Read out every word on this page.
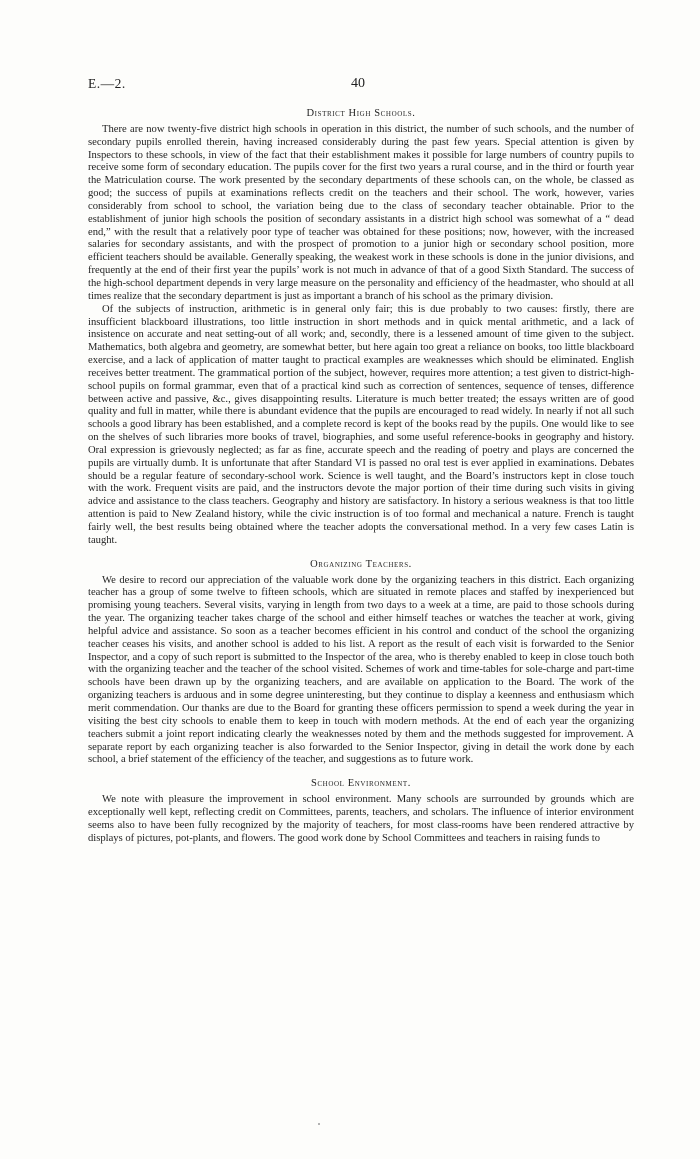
E.—2.	40
District High Schools.

There are now twenty-five district high schools in operation in this district, the number of such schools, and the number of secondary pupils enrolled therein, having increased considerably during the past few years. Special attention is given by Inspectors to these schools, in view of the fact that their establishment makes it possible for large numbers of country pupils to receive some form of secondary education. The pupils cover for the first two years a rural course, and in the third or fourth year the Matriculation course. The work presented by the secondary departments of these schools can, on the whole, be classed as good; the success of pupils at examinations reflects credit on the teachers and their school. The work, however, varies considerably from school to school, the variation being due to the class of secondary teacher obtainable. Prior to the establishment of junior high schools the position of secondary assistants in a district high school was somewhat of a “ dead end,” with the result that a relatively poor type of teacher was obtained for these positions; now, however, with the increased salaries for secondary assistants, and with the prospect of promotion to a junior high or secondary school position, more efficient teachers should be available. Generally speaking, the weakest work in these schools is done in the junior divisions, and frequently at the end of their first year the pupils’ work is not much in advance of that of a good Sixth Standard. The success of the high-school department depends in very large measure on the personality and efficiency of the headmaster, who should at all times realize that the secondary department is just as important a branch of his school as the primary division.

Of the subjects of instruction, arithmetic is in general only fair; this is due probably to two causes: firstly, there are insufficient blackboard illustrations, too little instruction in short methods and in quick mental arithmetic, and a lack of insistence on accurate and neat setting-out of all work; and, secondly, there is a lessened amount of time given to the subject. Mathematics, both algebra and geometry, are somewhat better, but here again too great a reliance on books, too little blackboard exercise, and a lack of application of matter taught to practical examples are weaknesses which should be eliminated. English receives better treatment. The grammatical portion of the subject, however, requires more attention; a test given to district-high-school pupils on formal grammar, even that of a practical kind such as correction of sentences, sequence of tenses, difference between active and passive, &c., gives disappointing results. Literature is much better treated; the essays written are of good quality and full in matter, while there is abundant evidence that the pupils are encouraged to read widely. In nearly if not all such schools a good library has been established, and a complete record is kept of the books read by the pupils. One would like to see on the shelves of such libraries more books of travel, biographies, and some useful reference-books in geography and history. Oral expression is grievously neglected; as far as fine, accurate speech and the reading of poetry and plays are concerned the pupils are virtually dumb. It is unfortunate that after Standard VI is passed no oral test is ever applied in examinations. Debates should be a regular feature of secondary-school work. Science is well taught, and the Board’s instructors kept in close touch with the work. Frequent visits are paid, and the instructors devote the major portion of their time during such visits in giving advice and assistance to the class teachers. Geography and history are satisfactory. In history a serious weakness is that too little attention is paid to New Zealand history, while the civic instruction is of too formal and mechanical a nature. French is taught fairly well, the best results being obtained where the teacher adopts the conversational method. In a very few cases Latin is taught.

Organizing Teachers.

We desire to record our appreciation of the valuable work done by the organizing teachers in this district. Each organizing teacher has a group of some twelve to fifteen schools, which are situated in remote places and staffed by inexperienced but promising young teachers. Several visits, varying in length from two days to a week at a time, are paid to those schools during the year. The organizing teacher takes charge of the school and either himself teaches or watches the teacher at work, giving helpful advice and assistance. So soon as a teacher becomes efficient in his control and conduct of the school the organizing teacher ceases his visits, and another school is added to his list. A report as the result of each visit is forwarded to the Senior Inspector, and a copy of such report is submitted to the Inspector of the area, who is thereby enabled to keep in close touch both with the organizing teacher and the teacher of the school visited. Schemes of work and time-tables for sole-charge and part-time schools have been drawn up by the organizing teachers, and are available on application to the Board. The work of the organizing teachers is arduous and in some degree uninteresting, but they continue to display a keenness and enthusiasm which merit commendation. Our thanks are due to the Board for granting these officers permission to spend a week during the year in visiting the best city schools to enable them to keep in touch with modern methods. At the end of each year the organizing teachers submit a joint report indicating clearly the weaknesses noted by them and the methods suggested for improvement. A separate report by each organizing teacher is also forwarded to the Senior Inspector, giving in detail the work done by each school, a brief statement of the efficiency of the teacher, and suggestions as to future work.

School Environment.

We note with pleasure the improvement in school environment. Many schools are surrounded by grounds which are exceptionally well kept, reflecting credit on Committees, parents, teachers, and scholars. The influence of interior environment seems also to have been fully recognized by the majority of teachers, for most class-rooms have been rendered attractive by displays of pictures, pot-plants, and flowers. The good work done by School Committees and teachers in raising funds to
